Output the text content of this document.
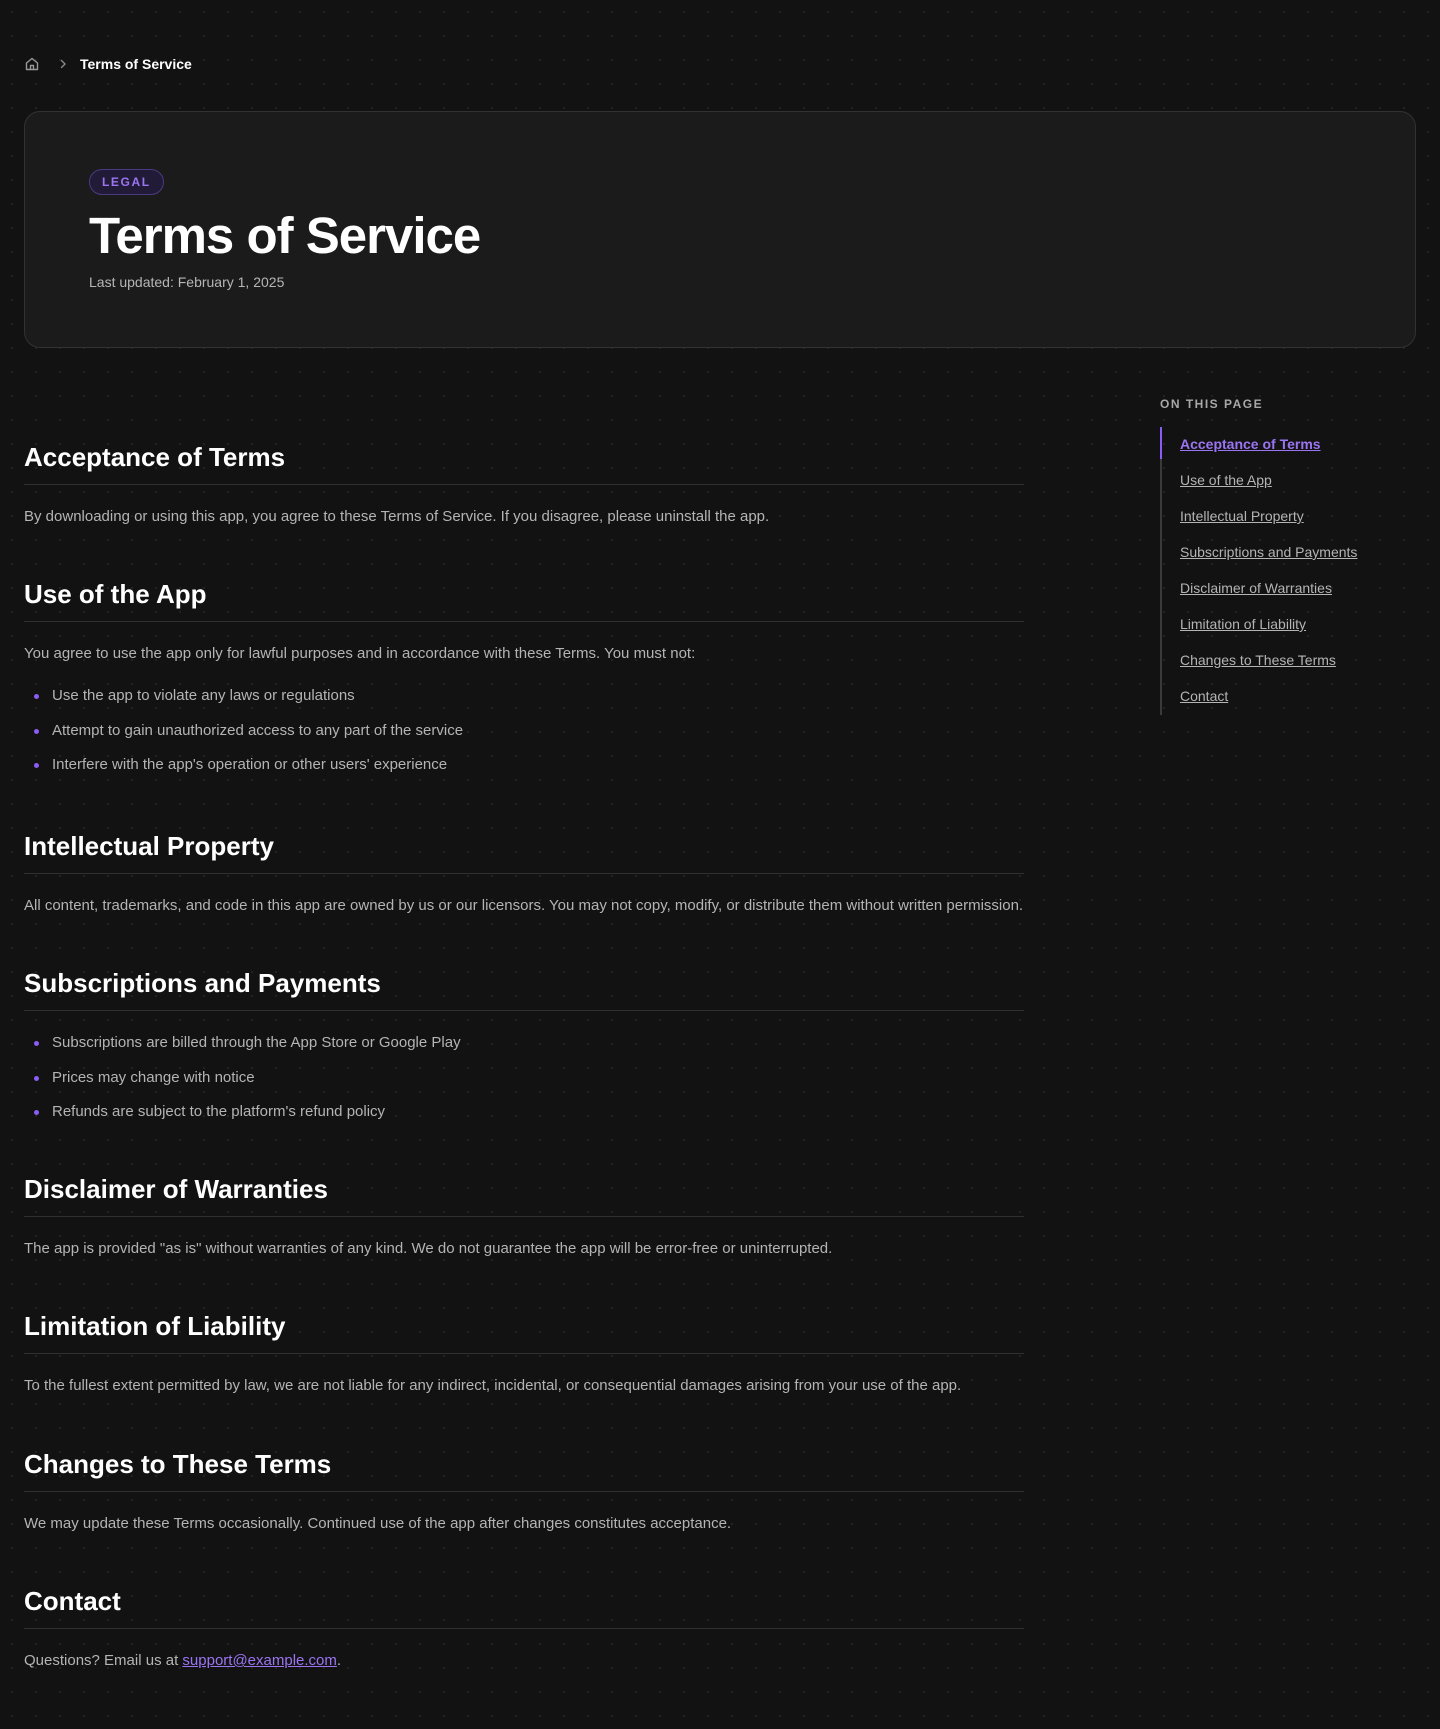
Terms of Service
LEGAL
Terms of Service
Last updated: February 1, 2025
Acceptance of Terms

By downloading or using this app, you agree to these Terms of Service. If you disagree, please uninstall the app.

Use of the App

You agree to use the app only for lawful purposes and in accordance with these Terms. You must not:

Use the app to violate any laws or regulations
Attempt to gain unauthorized access to any part of the service
Interfere with the app's operation or other users' experience
Intellectual Property

All content, trademarks, and code in this app are owned by us or our licensors. You may not copy, modify, or distribute them without written permission.

Subscriptions and Payments
Subscriptions are billed through the App Store or Google Play
Prices may change with notice
Refunds are subject to the platform's refund policy
Disclaimer of Warranties

The app is provided "as is" without warranties of any kind. We do not guarantee the app will be error-free or uninterrupted.

Limitation of Liability

To the fullest extent permitted by law, we are not liable for any indirect, incidental, or consequential damages arising from your use of the app.

Changes to These Terms

We may update these Terms occasionally. Continued use of the app after changes constitutes acceptance.

Contact

Questions? Email us at support@example.com.

ON THIS PAGE
Acceptance of Terms
Use of the App
Intellectual Property
Subscriptions and Payments
Disclaimer of Warranties
Limitation of Liability
Changes to These Terms
Contact
